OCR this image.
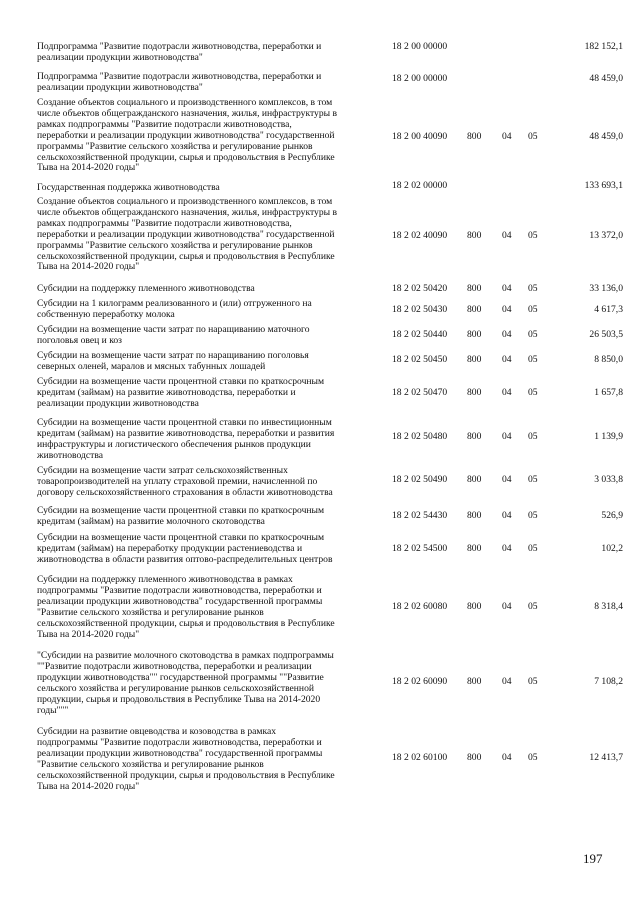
Подпрограмма "Развитие подотрасли животноводства, переработки и
реализации продукции животноводства"
18 2 00 00000	182 152,1
Подпрограмма "Развитие подотрасли животноводства, переработки и
реализации продукции животноводства"
18 2 00 00000	48 459,0
Создание объектов социального и производственного комплексов, в том
числе объектов общегражданского назначения, жилья, инфраструктуры в
рамках подпрограммы "Развитие подотрасли животноводства,
переработки и реализации продукции животноводства" государственной
программы "Развитие сельского хозяйства и регулирование рынков
сельскохозяйственной продукции, сырья и продовольствия в Республике
Тыва на 2014-2020 годы"
18 2 00 40090 800 04 05	48 459,0
Государственная поддержка животноводства	18 2 02 00000	133 693,1
Создание объектов социального и производственного комплексов, в том
числе объектов общегражданского назначения, жилья, инфраструктуры в
рамках подпрограммы "Развитие подотрасли животноводства,
переработки и реализации продукции животноводства" государственной
программы "Развитие сельского хозяйства и регулирование рынков
сельскохозяйственной продукции, сырья и продовольствия в Республике
Тыва на 2014-2020 годы"
18 2 02 40090 800 04 05	13 372,0
Субсидии на поддержку племенного животноводства	18 2 02 50420 800 04 05	33 136,0
Субсидии на 1 килограмм реализованного и (или) отгруженного на
собственную переработку молока	18 2 02 50430 800 04 05	4 617,3
Субсидии на возмещение части затрат по наращиванию маточного
поголовья овец и коз
18 2 02 50440 800 04 05	26 503,5
Субсидии на возмещение части затрат по наращиванию поголовья
северных оленей, маралов и мясных табунных лошадей
18 2 02 50450 800 04 05	8 850,0
Субсидии на возмещение части процентной ставки по краткосрочным
кредитам (займам) на развитие животноводства, переработки и
реализации продукции животноводства
18 2 02 50470 800 04 05	1 657,8
Субсидии на возмещение части процентной ставки по инвестиционным
кредитам (займам) на развитие животноводства, переработки и развития
инфраструктуры и логистического обеспечения рынков продукции
животноводства
18 2 02 50480 800 04 05	1 139,9
Субсидии на возмещение части затрат сельскохозяйственных
товаропроизводителей на уплату страховой премии, начисленной по
договору сельскохозяйственного страхования в области животноводства
18 2 02 50490 800 04 05	3 033,8
Субсидии на возмещение части процентной ставки по краткосрочным
кредитам (займам) на развитие молочного скотоводства
18 2 02 54430 800 04 05	526,9
Субсидии на возмещение части процентной ставки по краткосрочным
кредитам (займам) на переработку продукции растениеводства и
животноводства в области развития оптово-распределительных центров
18 2 02 54500 800 04 05	102,2
Субсидии на поддержку племенного животноводства в рамках
подпрограммы "Развитие подотрасли животноводства, переработки и
реализации продукции животноводства" государственной программы
"Развитие сельского хозяйства и регулирование рынков
сельскохозяйственной продукции, сырья и продовольствия в Республике
Тыва на 2014-2020 годы"
18 2 02 60080 800 04 05	8 318,4
"Субсидии на развитие молочного скотоводства в рамках подпрограммы
""Развитие подотрасли животноводства, переработки и реализации
продукции животноводства"" государственной программы ""Развитие
сельского хозяйства и регулирование рынков сельскохозяйственной
продукции, сырья и продовольствия в Республике Тыва на 2014-2020
годы"""
18 2 02 60090 800 04 05	7 108,2
Субсидии на развитие овцеводства и козоводства в рамках
подпрограммы "Развитие подотрасли животноводства, переработки и
реализации продукции животноводства" государственной программы
"Развитие сельского хозяйства и регулирование рынков
сельскохозяйственной продукции, сырья и продовольствия в Республике
Тыва на 2014-2020 годы"
18 2 02 60100 800 04 05	12 413,7
197
